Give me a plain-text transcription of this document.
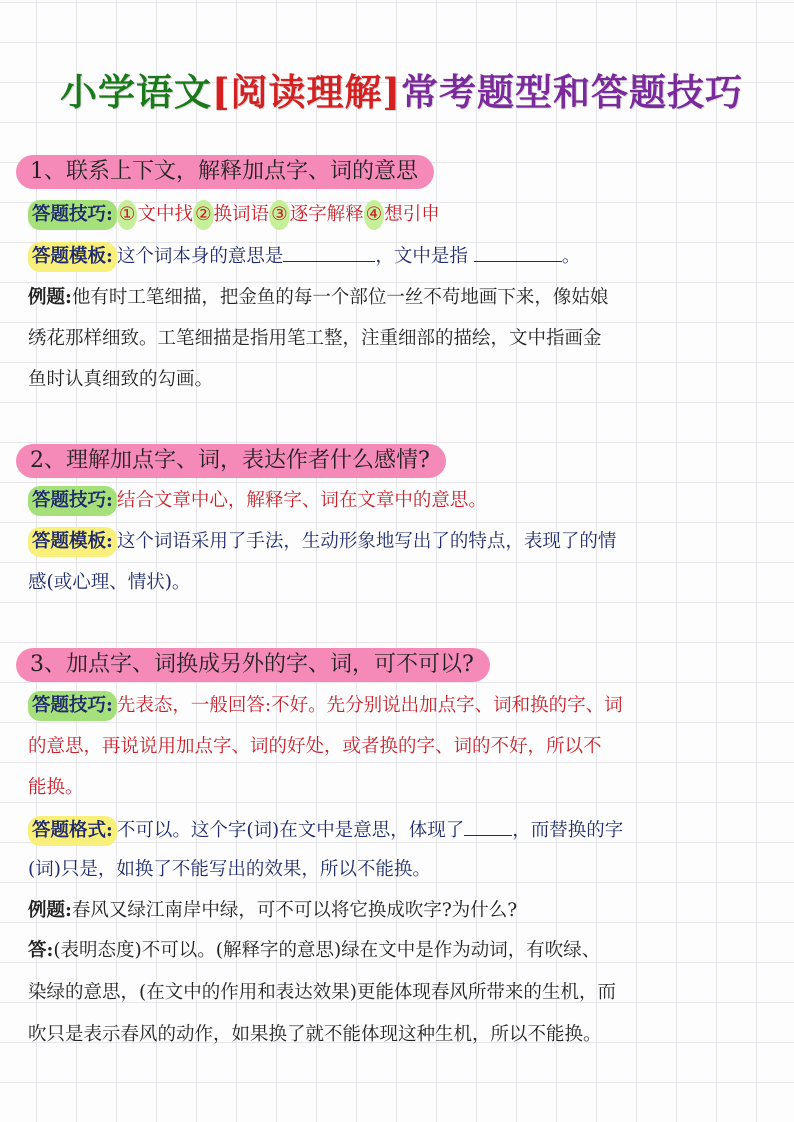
小学语文[阅读理解]常考题型和答题技巧
1、联系上下文，解释加点字、词的意思
答题技巧: ① 文中找 ② 换词语 ③ 逐字解释 ④ 想引申
答题模板: 这个词本身的意思是	，文中是指	。
例题:他有时工笔细描，把金鱼的每一个部位一丝不苟地画下来，像姑娘
绣花那样细致。工笔细描是指用笔工整，注重细部的描绘，文中指画金
鱼时认真细致的勾画。
2、理解加点字、词，表达作者什么感情?
答题技巧: 结合文章中心，解释字、词在文章中的意思。
答题模板: 这个词语采用了手法，生动形象地写出了的特点，表现了的情
感(或心理、情状)。
3、加点字、词换成另外的字、词，可不可以?
答题技巧: 先表态，一般回答:不好。先分别说出加点字、词和换的字、词
的意思，再说说用加点字、词的好处，或者换的字、词的不好，所以不
能换。
答题格式: 不可以。这个字(词)在文中是意思，体现了	，而替换的字
(词)只是，如换了不能写出的效果，所以不能换。
例题:春风又绿江南岸中绿，可不可以将它换成吹字?为什么?
答:(表明态度)不可以。(解释字的意思)绿在文中是作为动词，有吹绿、
染绿的意思，(在文中的作用和表达效果)更能体现春风所带来的生机，而
吹只是表示春风的动作，如果换了就不能体现这种生机，所以不能换。
